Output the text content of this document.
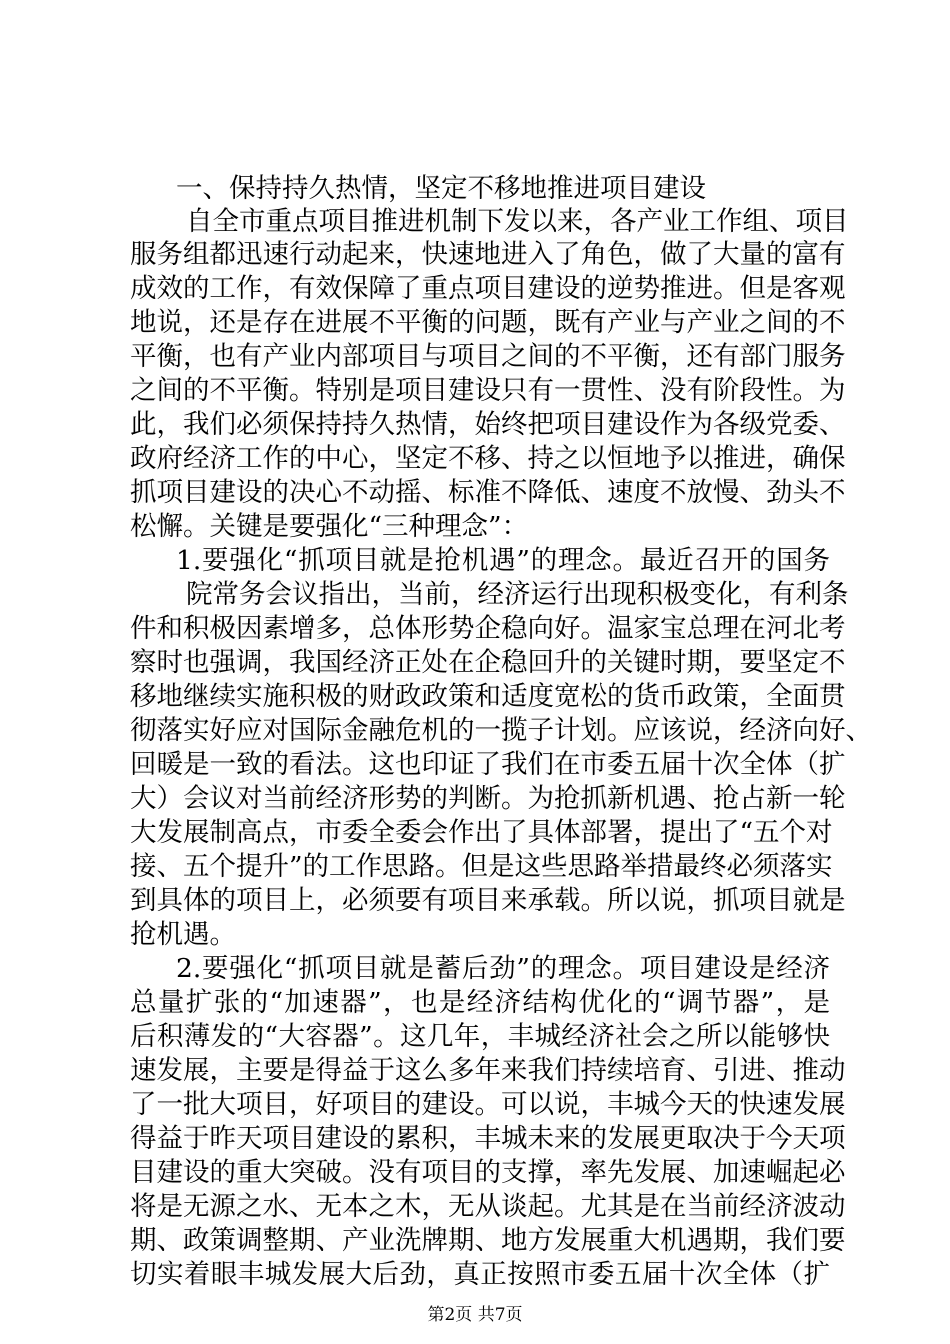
一、保持持久热情，坚定不移地推进项目建设
自全市重点项目推进机制下发以来，各产业工作组、项目
服务组都迅速行动起来，快速地进入了角色，做了大量的富有
成效的工作，有效保障了重点项目建设的逆势推进。但是客观
地说，还是存在进展不平衡的问题，既有产业与产业之间的不
平衡，也有产业内部项目与项目之间的不平衡，还有部门服务
之间的不平衡。特别是项目建设只有一贯性、没有阶段性。为
此，我们必须保持持久热情，始终把项目建设作为各级党委、
政府经济工作的中心，坚定不移、持之以恒地予以推进，确保
抓项目建设的决心不动摇、标准不降低、速度不放慢、劲头不
松懈。关键是要强化“三种理念”：
1.要强化“抓项目就是抢机遇”的理念。最近召开的国务
院常务会议指出，当前，经济运行出现积极变化，有利条
件和积极因素增多，总体形势企稳向好。温家宝总理在河北考
察时也强调，我国经济正处在企稳回升的关键时期，要坚定不
移地继续实施积极的财政政策和适度宽松的货币政策，全面贯
彻落实好应对国际金融危机的一揽子计划。应该说，经济向好、
回暖是一致的看法。这也印证了我们在市委五届十次全体（扩
大）会议对当前经济形势的判断。为抢抓新机遇、抢占新一轮
大发展制高点，市委全委会作出了具体部署，提出了“五个对
接、五个提升”的工作思路。但是这些思路举措最终必须落实
到具体的项目上，必须要有项目来承载。所以说，抓项目就是
抢机遇。
2.要强化“抓项目就是蓄后劲”的理念。项目建设是经济
总量扩张的“加速器”，也是经济结构优化的“调节器”，是
后积薄发的“大容器”。这几年，丰城经济社会之所以能够快
速发展，主要是得益于这么多年来我们持续培育、引进、推动
了一批大项目，好项目的建设。可以说，丰城今天的快速发展
得益于昨天项目建设的累积，丰城未来的发展更取决于今天项
目建设的重大突破。没有项目的支撑，率先发展、加速崛起必
将是无源之水、无本之木，无从谈起。尤其是在当前经济波动
期、政策调整期、产业洗牌期、地方发展重大机遇期，我们要
切实着眼丰城发展大后劲，真正按照市委五届十次全体（扩
第2页 共7页
